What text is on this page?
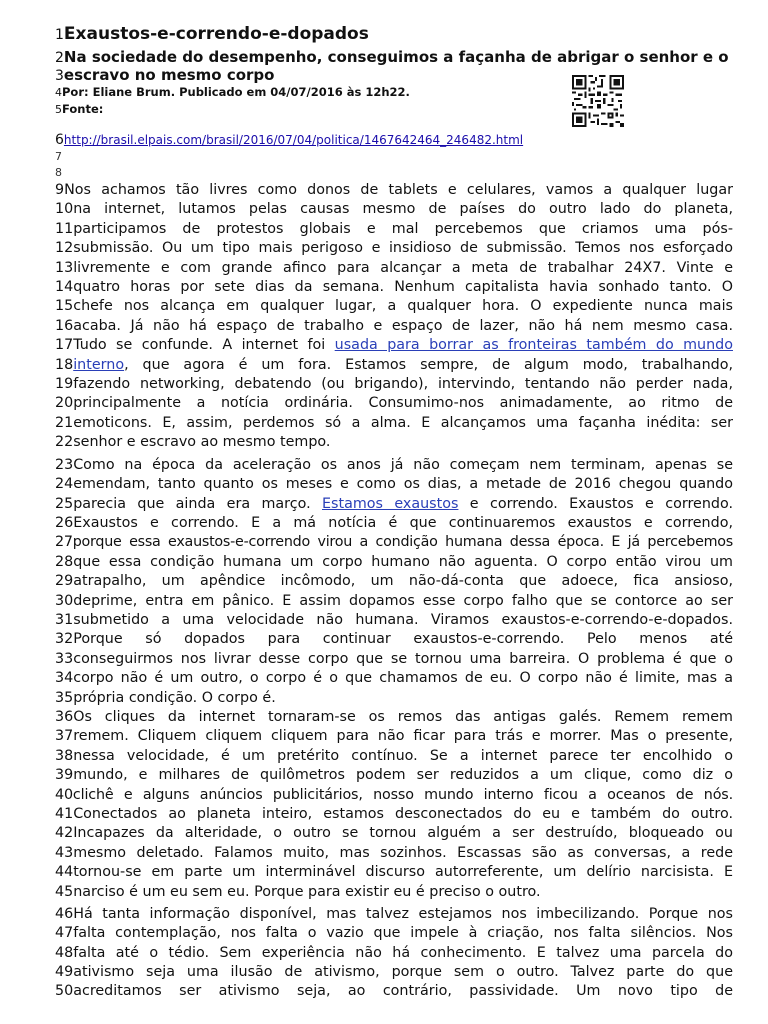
1Exaustos-e-correndo-e-dopados
2Na sociedade do desempenho, conseguimos a façanha de abrigar o senhor e o
3escravo no mesmo corpo
4Por: Eliane Brum. Publicado em 04/07/2016 às 12h22.
5Fonte:
6http://brasil.elpais.com/brasil/2016/07/04/politica/1467642464_246482.html
7
8
9Nos achamos tão livres como donos de tablets e celulares, vamos a qualquer lugar
10na internet, lutamos pelas causas mesmo de países do outro lado do planeta,
11participamos de protestos globais e mal percebemos que criamos uma pós-
12submissão. Ou um tipo mais perigoso e insidioso de submissão. Temos nos esforçado
13livremente e com grande afinco para alcançar a meta de trabalhar 24X7. Vinte e
14quatro horas por sete dias da semana. Nenhum capitalista havia sonhado tanto. O
15chefe nos alcança em qualquer lugar, a qualquer hora. O expediente nunca mais
16acaba. Já não há espaço de trabalho e espaço de lazer, não há nem mesmo casa.
17Tudo se confunde. A internet foi usada para borrar as fronteiras também do mundo
18interno, que agora é um fora. Estamos sempre, de algum modo, trabalhando,
19fazendo networking, debatendo (ou brigando), intervindo, tentando não perder nada,
20principalmente a notícia ordinária. Consumimo-nos animadamente, ao ritmo de
21emoticons. E, assim, perdemos só a alma. E alcançamos uma façanha inédita: ser
22senhor e escravo ao mesmo tempo.
23Como na época da aceleração os anos já não começam nem terminam, apenas se
24emendam, tanto quanto os meses e como os dias, a metade de 2016 chegou quando
25parecia que ainda era março. Estamos exaustos e correndo. Exaustos e correndo.
26Exaustos e correndo. E a má notícia é que continuaremos exaustos e correndo,
27porque essa exaustos-e-correndo virou a condição humana dessa época. E já percebemos
28que essa condição humana um corpo humano não aguenta. O corpo então virou um
29atrapalho, um apêndice incômodo, um não-dá-conta que adoece, fica ansioso,
30deprime, entra em pânico. E assim dopamos esse corpo falho que se contorce ao ser
31submetido a uma velocidade não humana. Viramos exaustos-e-correndo-e-dopados.
32Porque só dopados para continuar exaustos-e-correndo. Pelo menos até
33conseguirmos nos livrar desse corpo que se tornou uma barreira. O problema é que o
34corpo não é um outro, o corpo é o que chamamos de eu. O corpo não é limite, mas a
35própria condição. O corpo é.
36Os cliques da internet tornaram-se os remos das antigas galés. Remem remem
37remem. Cliquem cliquem cliquem para não ficar para trás e morrer. Mas o presente,
38nessa velocidade, é um pretérito contínuo. Se a internet parece ter encolhido o
39mundo, e milhares de quilômetros podem ser reduzidos a um clique, como diz o
40clichê e alguns anúncios publicitários, nosso mundo interno ficou a oceanos de nós.
41Conectados ao planeta inteiro, estamos desconectados do eu e também do outro.
42Incapazes da alteridade, o outro se tornou alguém a ser destruído, bloqueado ou
43mesmo deletado. Falamos muito, mas sozinhos. Escassas são as conversas, a rede
44tornou-se em parte um interminável discurso autorreferente, um delírio narcisista. E
45narciso é um eu sem eu. Porque para existir eu é preciso o outro.
46Há tanta informação disponível, mas talvez estejamos nos imbecilizando. Porque nos
47falta contemplação, nos falta o vazio que impele à criação, nos falta silêncios. Nos
48falta até o tédio. Sem experiência não há conhecimento. E talvez uma parcela do
49ativismo seja uma ilusão de ativismo, porque sem o outro. Talvez parte do que
50acreditamos ser ativismo seja, ao contrário, passividade. Um novo tipo de
